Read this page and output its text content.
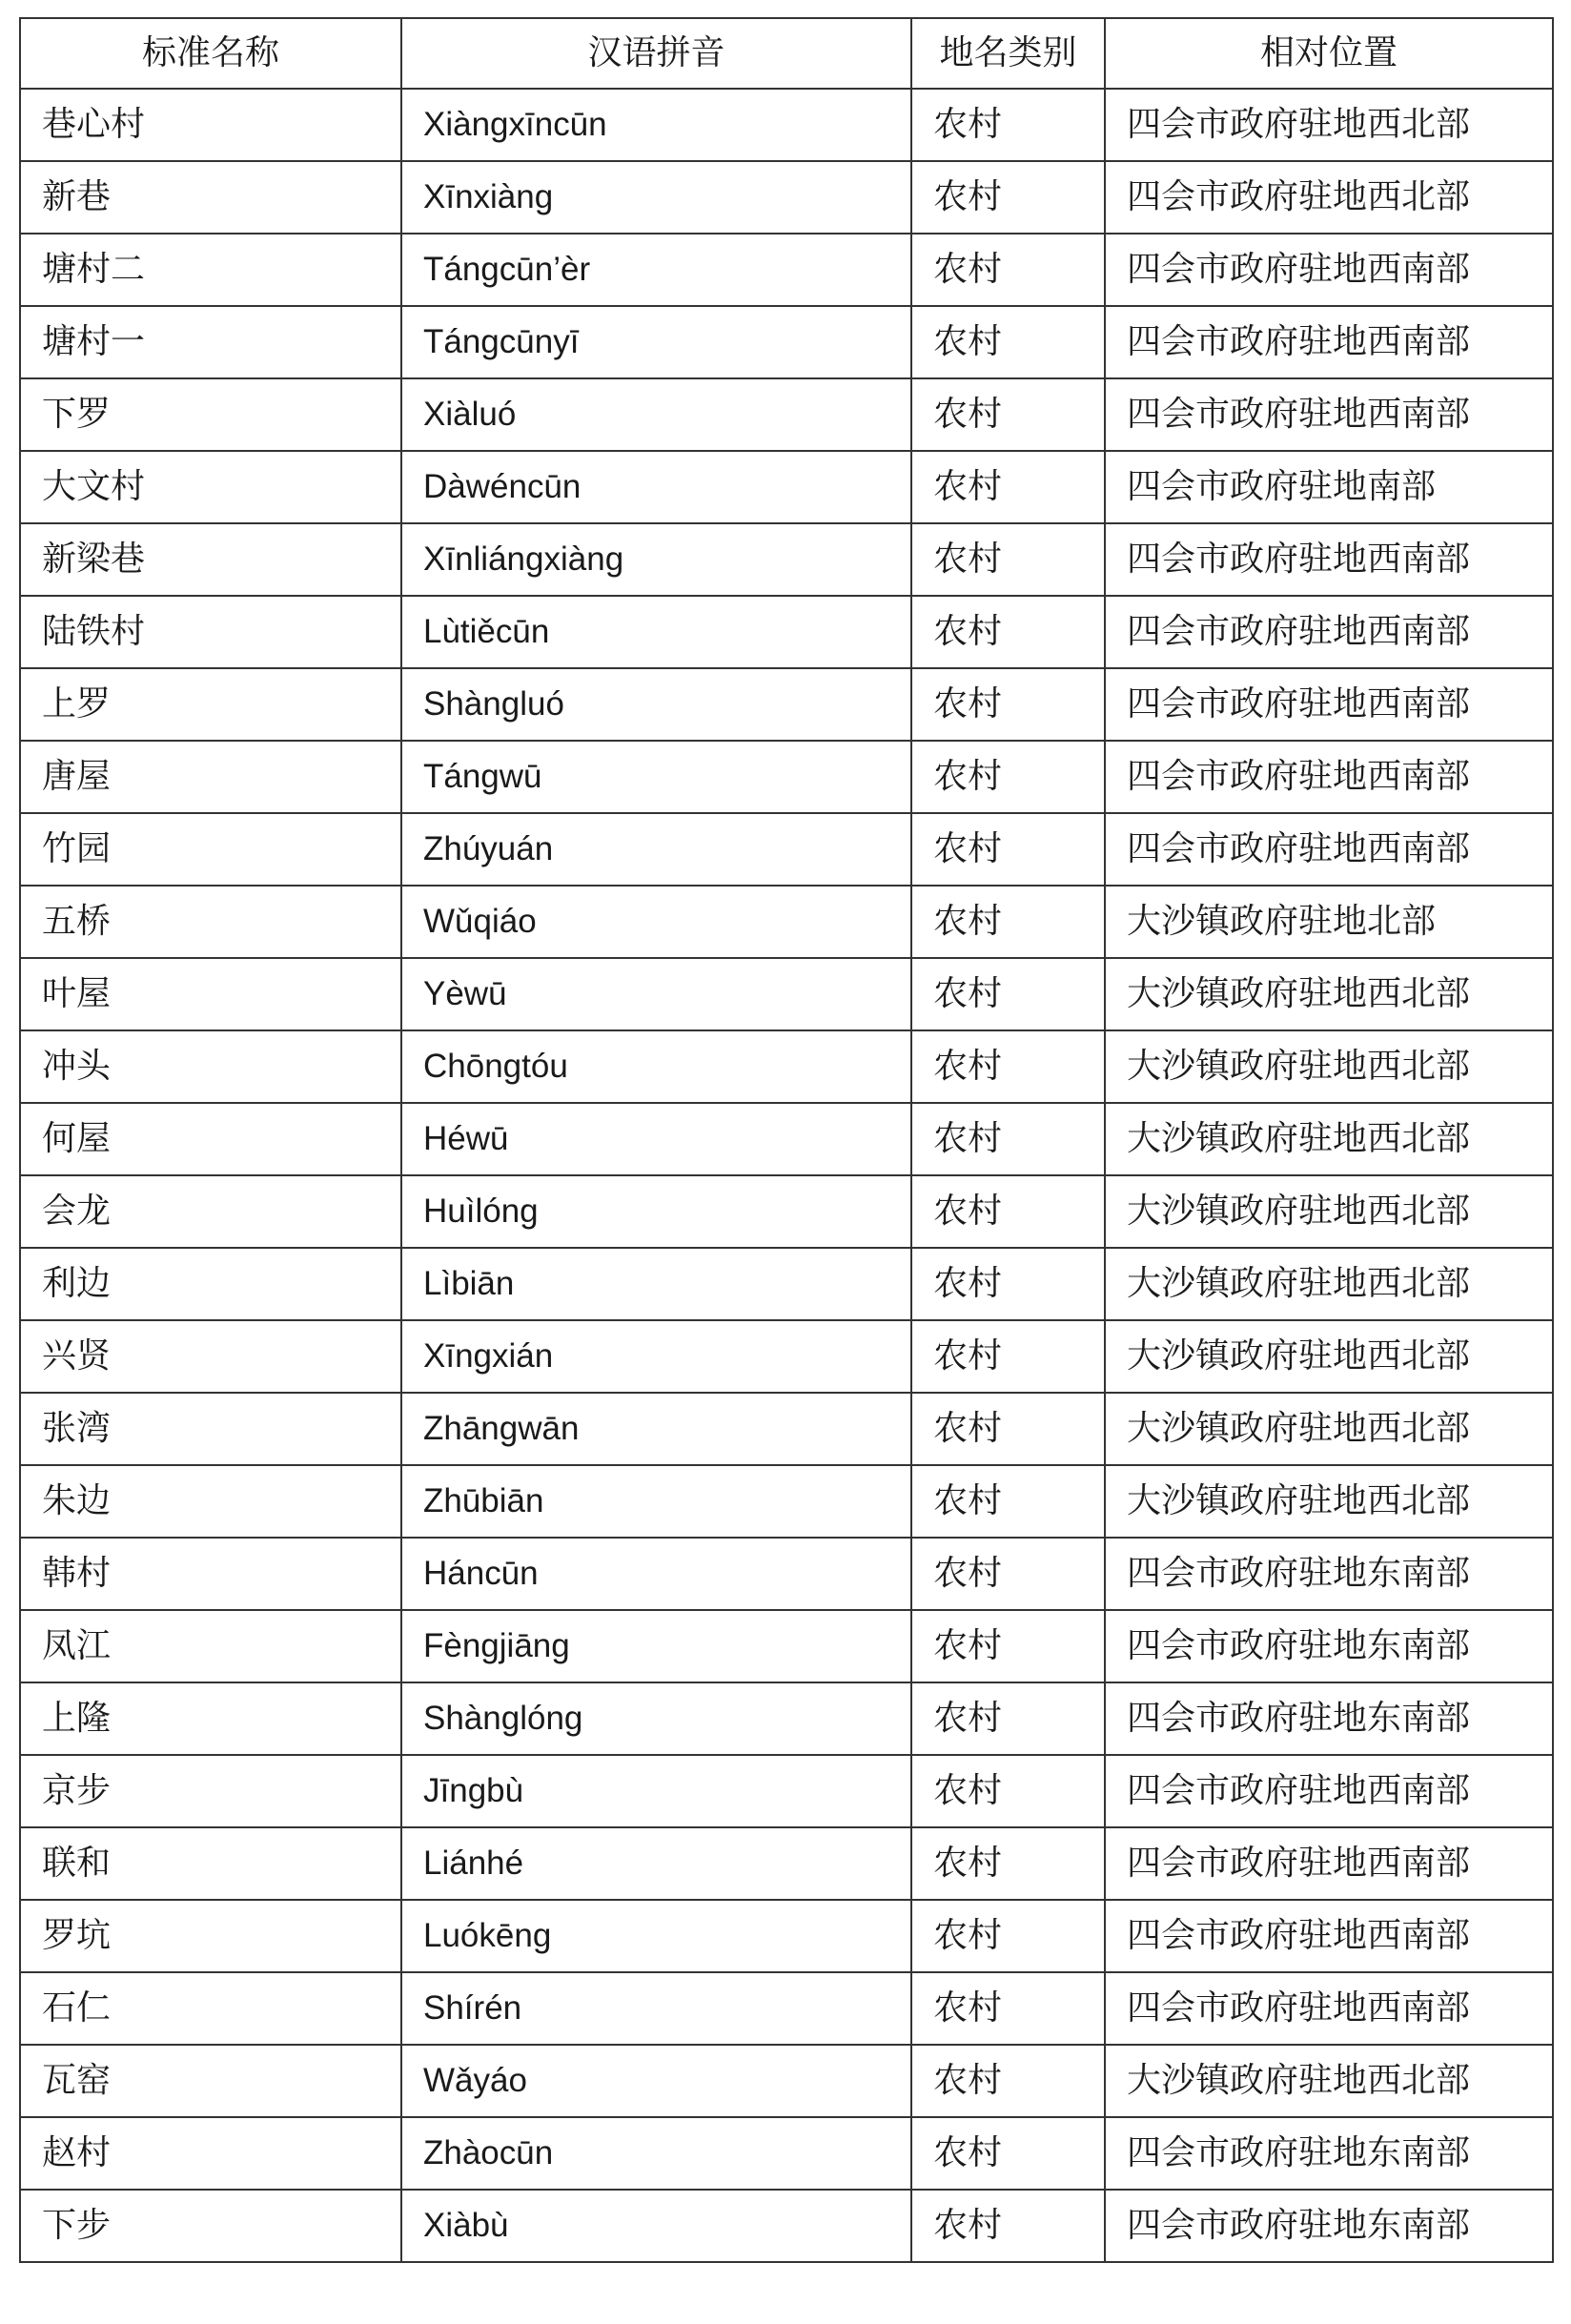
标准名称	汉语拼音	地名类别	相对位置
巷心村	Xiàngxīncūn	农村	四会市政府驻地西北部
新巷	Xīnxiàng	农村	四会市政府驻地西北部
塘村二	Tángcūn’èr	农村	四会市政府驻地西南部
塘村一	Tángcūnyī	农村	四会市政府驻地西南部
下罗	Xiàluó	农村	四会市政府驻地西南部
大文村	Dàwéncūn	农村	四会市政府驻地南部
新梁巷	Xīnliángxiàng	农村	四会市政府驻地西南部
陆铁村	Lùtiěcūn	农村	四会市政府驻地西南部
上罗	Shàngluó	农村	四会市政府驻地西南部
唐屋	Tángwū	农村	四会市政府驻地西南部
竹园	Zhúyuán	农村	四会市政府驻地西南部
五桥	Wǔqiáo	农村	大沙镇政府驻地北部
叶屋	Yèwū	农村	大沙镇政府驻地西北部
冲头	Chōngtóu	农村	大沙镇政府驻地西北部
何屋	Héwū	农村	大沙镇政府驻地西北部
会龙	Huìlóng	农村	大沙镇政府驻地西北部
利边	Lìbiān	农村	大沙镇政府驻地西北部
兴贤	Xīngxián	农村	大沙镇政府驻地西北部
张湾	Zhāngwān	农村	大沙镇政府驻地西北部
朱边	Zhūbiān	农村	大沙镇政府驻地西北部
韩村	Háncūn	农村	四会市政府驻地东南部
凤江	Fèngjiāng	农村	四会市政府驻地东南部
上隆	Shànglóng	农村	四会市政府驻地东南部
京步	Jīngbù	农村	四会市政府驻地西南部
联和	Liánhé	农村	四会市政府驻地西南部
罗坑	Luókēng	农村	四会市政府驻地西南部
石仁	Shírén	农村	四会市政府驻地西南部
瓦窑	Wǎyáo	农村	大沙镇政府驻地西北部
赵村	Zhàocūn	农村	四会市政府驻地东南部
下步	Xiàbù	农村	四会市政府驻地东南部
